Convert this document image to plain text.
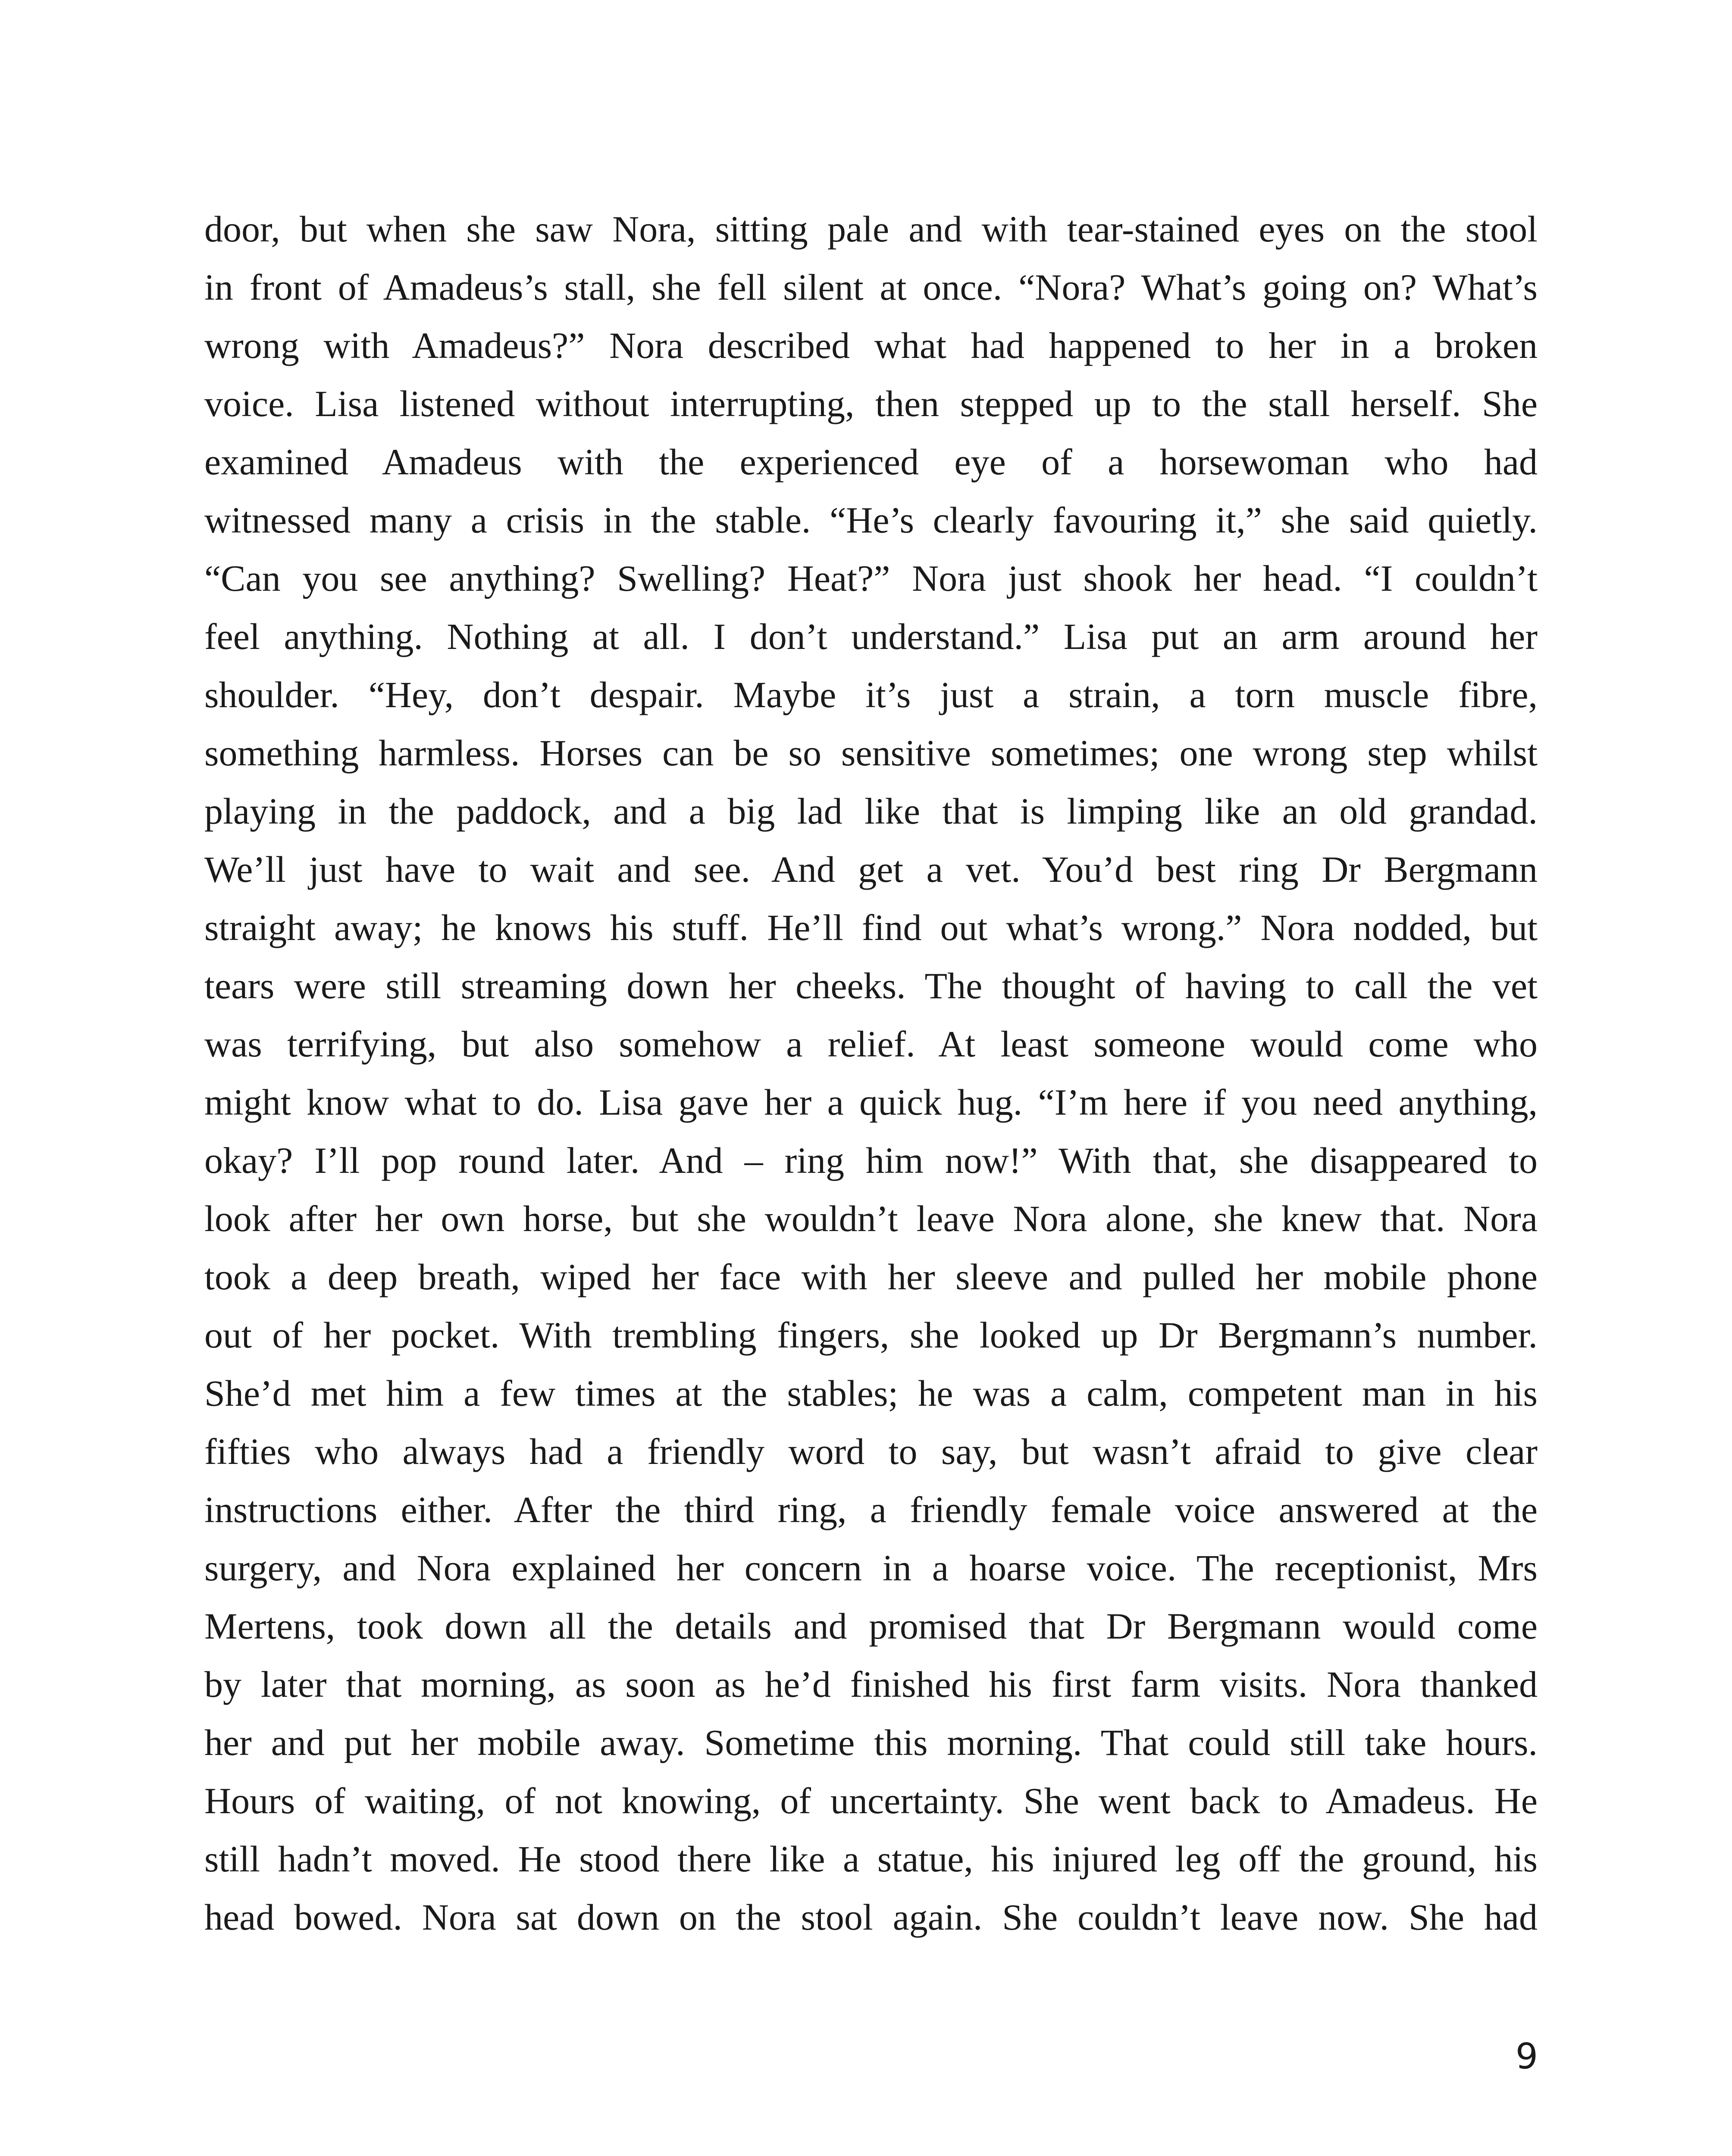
door, but when she saw Nora, sitting pale and with tear-stained eyes on the stool
in front of Amadeus’s stall, she fell silent at once. “Nora? What’s going on? What’s
wrong with Amadeus?” Nora described what had happened to her in a broken
voice. Lisa listened without interrupting, then stepped up to the stall herself. She
examined Amadeus with the experienced eye of a horsewoman who had
witnessed many a crisis in the stable. “He’s clearly favouring it,” she said quietly.
“Can you see anything? Swelling? Heat?” Nora just shook her head. “I couldn’t
feel anything. Nothing at all. I don’t understand.” Lisa put an arm around her
shoulder. “Hey, don’t despair. Maybe it’s just a strain, a torn muscle fibre,
something harmless. Horses can be so sensitive sometimes; one wrong step whilst
playing in the paddock, and a big lad like that is limping like an old grandad.
We’ll just have to wait and see. And get a vet. You’d best ring Dr Bergmann
straight away; he knows his stuff. He’ll find out what’s wrong.” Nora nodded, but
tears were still streaming down her cheeks. The thought of having to call the vet
was terrifying, but also somehow a relief. At least someone would come who
might know what to do. Lisa gave her a quick hug. “I’m here if you need anything,
okay? I’ll pop round later. And – ring him now!” With that, she disappeared to
look after her own horse, but she wouldn’t leave Nora alone, she knew that. Nora
took a deep breath, wiped her face with her sleeve and pulled her mobile phone
out of her pocket. With trembling fingers, she looked up Dr Bergmann’s number.
She’d met him a few times at the stables; he was a calm, competent man in his
fifties who always had a friendly word to say, but wasn’t afraid to give clear
instructions either. After the third ring, a friendly female voice answered at the
surgery, and Nora explained her concern in a hoarse voice. The receptionist, Mrs
Mertens, took down all the details and promised that Dr Bergmann would come
by later that morning, as soon as he’d finished his first farm visits. Nora thanked
her and put her mobile away. Sometime this morning. That could still take hours.
Hours of waiting, of not knowing, of uncertainty. She went back to Amadeus. He
still hadn’t moved. He stood there like a statue, his injured leg off the ground, his
head bowed. Nora sat down on the stool again. She couldn’t leave now. She had
9
